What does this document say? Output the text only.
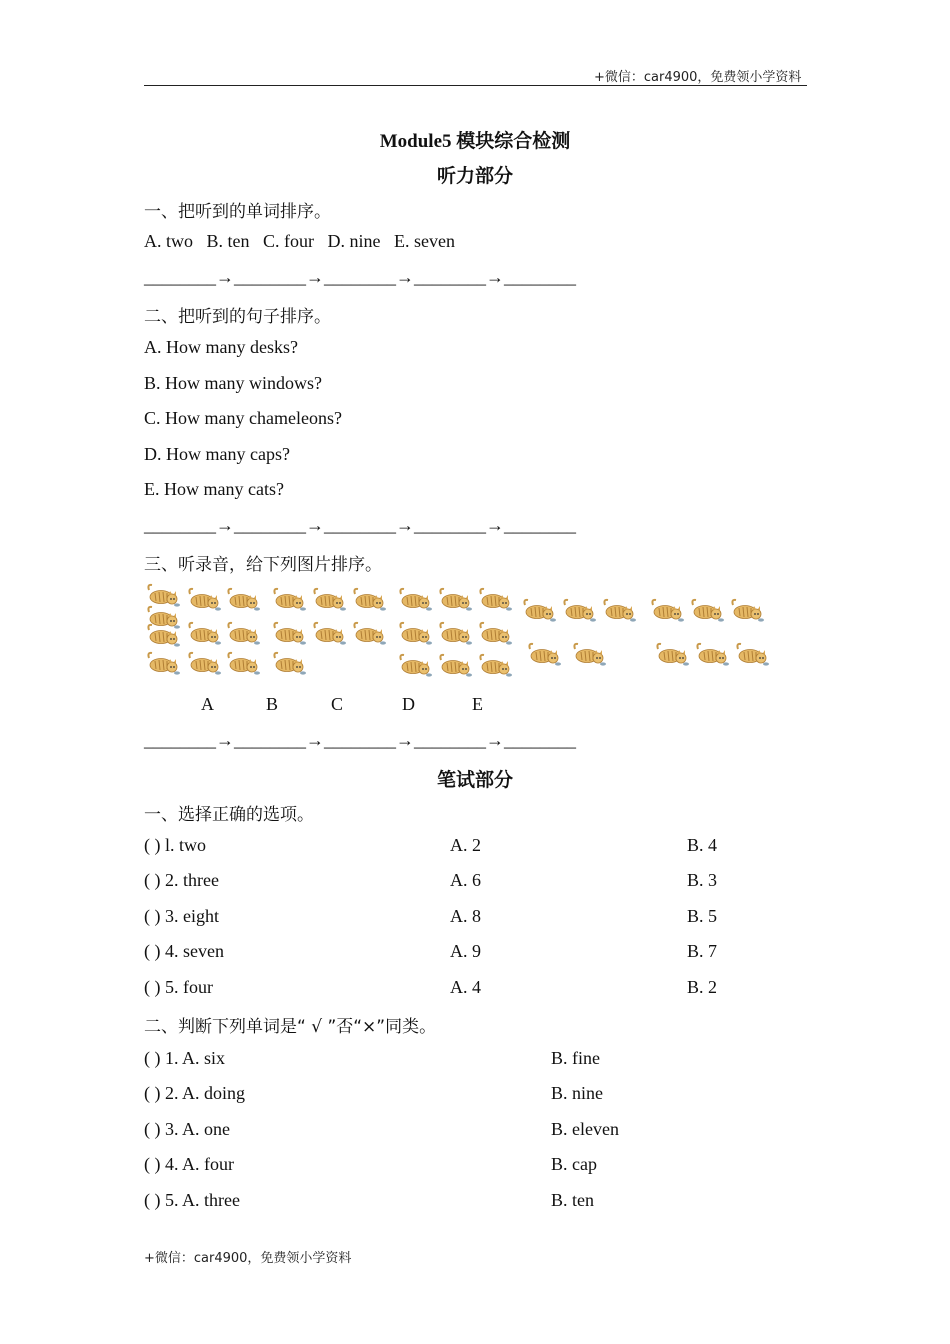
+微信：car4900，免费领小学资料
Module5 模块综合检测
听力部分
一、把听到的单词排序。
A. two   B. ten   C. four   D. nine   E. seven
________→________→________→________→________
二、把听到的句子排序。
A. How many desks?
B. How many windows?
C. How many chameleons?
D. How many caps?
E. How many cats?
________→________→________→________→________
三、听录音，给下列图片排序。
A	B	C	D	E
________→________→________→________→________
笔试部分
一、选择正确的选项。
( ) l. two	A. 2	B. 4
( ) 2. three	A. 6	B. 3
( ) 3. eight	A. 8	B. 5
( ) 4. seven	A. 9	B. 7
( ) 5. four	A. 4	B. 2
二、判断下列单词是“ √ ”否“×”同类。
( ) 1. A. six	B. fine
( ) 2. A. doing	B. nine
( ) 3. A. one	B. eleven
( ) 4. A. four	B. cap
( ) 5. A. three	B. ten
+微信：car4900，免费领小学资料
